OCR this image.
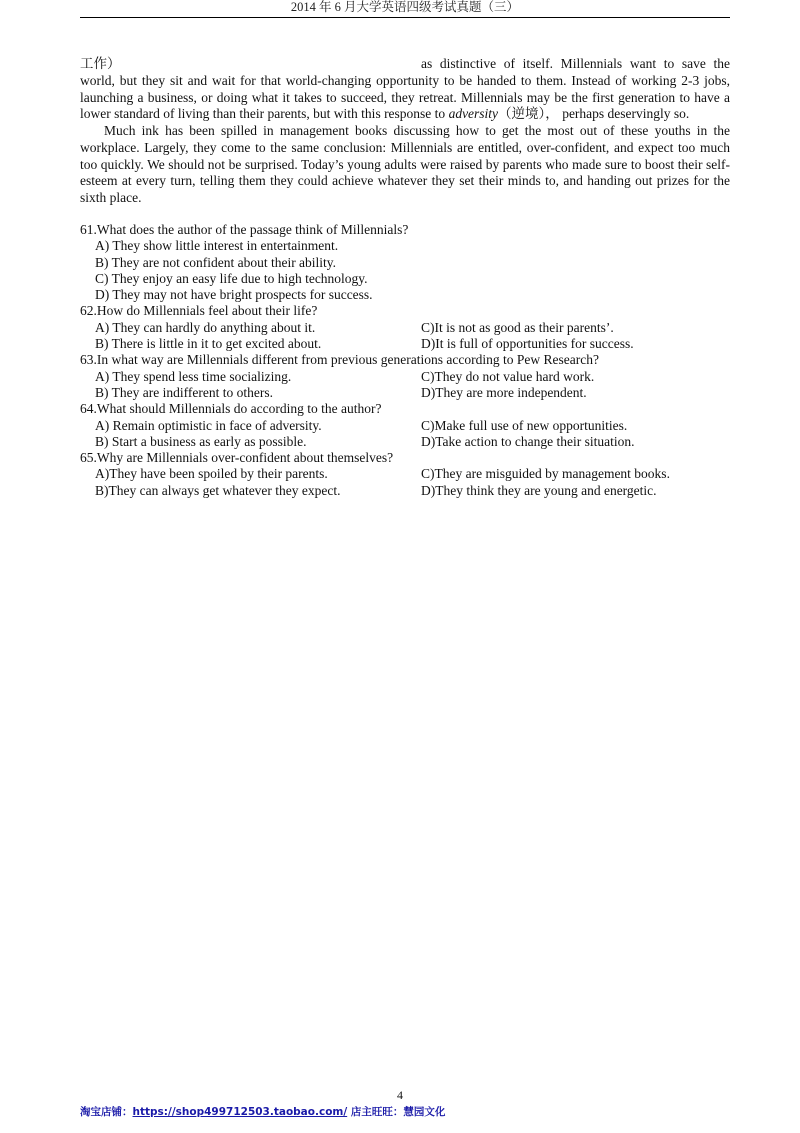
2014 年 6 月大学英语四级考试真题（三）
工作）	as distinctive of itself. Millennials want to save the

world, but they sit and wait for that world-changing opportunity to be handed to them. Instead of working 2-3 jobs, launching a business, or doing what it takes to succeed, they retreat. Millennials may be the first generation to have a lower standard of living than their parents, but with this response to adversity（逆境）， perhaps deservingly so.

Much ink has been spilled in management books discussing how to get the most out of these youths in the workplace. Largely, they come to the same conclusion: Millennials are entitled, over-confident, and expect too much too quickly. We should not be surprised. Today’s young adults were raised by parents who made sure to boost their self-esteem at every turn, telling them they could achieve whatever they set their minds to, and handing out prizes for the sixth place.

61.What does the author of the passage think of Millennials?
A) They show little interest in entertainment.
B) They are not confident about their ability.
C) They enjoy an easy life due to high technology.
D) They may not have bright prospects for success.
62.How do Millennials feel about their life?
A) They can hardly do anything about it.	C)It is not as good as their parents’.
B) There is little in it to get excited about.	D)It is full of opportunities for success.
63.In what way are Millennials different from previous generations according to Pew Research?
A) They spend less time socializing.	C)They do not value hard work.
B) They are indifferent to others.	D)They are more independent.
64.What should Millennials do according to the author?
A) Remain optimistic in face of adversity.	C)Make full use of new opportunities.
B) Start a business as early as possible.	D)Take action to change their situation.
65.Why are Millennials over-confident about themselves?
A)They have been spoiled by their parents.	C)They are misguided by management books.
B)They can always get whatever they expect.	D)They think they are young and energetic.
4
淘宝店铺：https://shop499712503.taobao.com/ 店主旺旺：慧园文化
